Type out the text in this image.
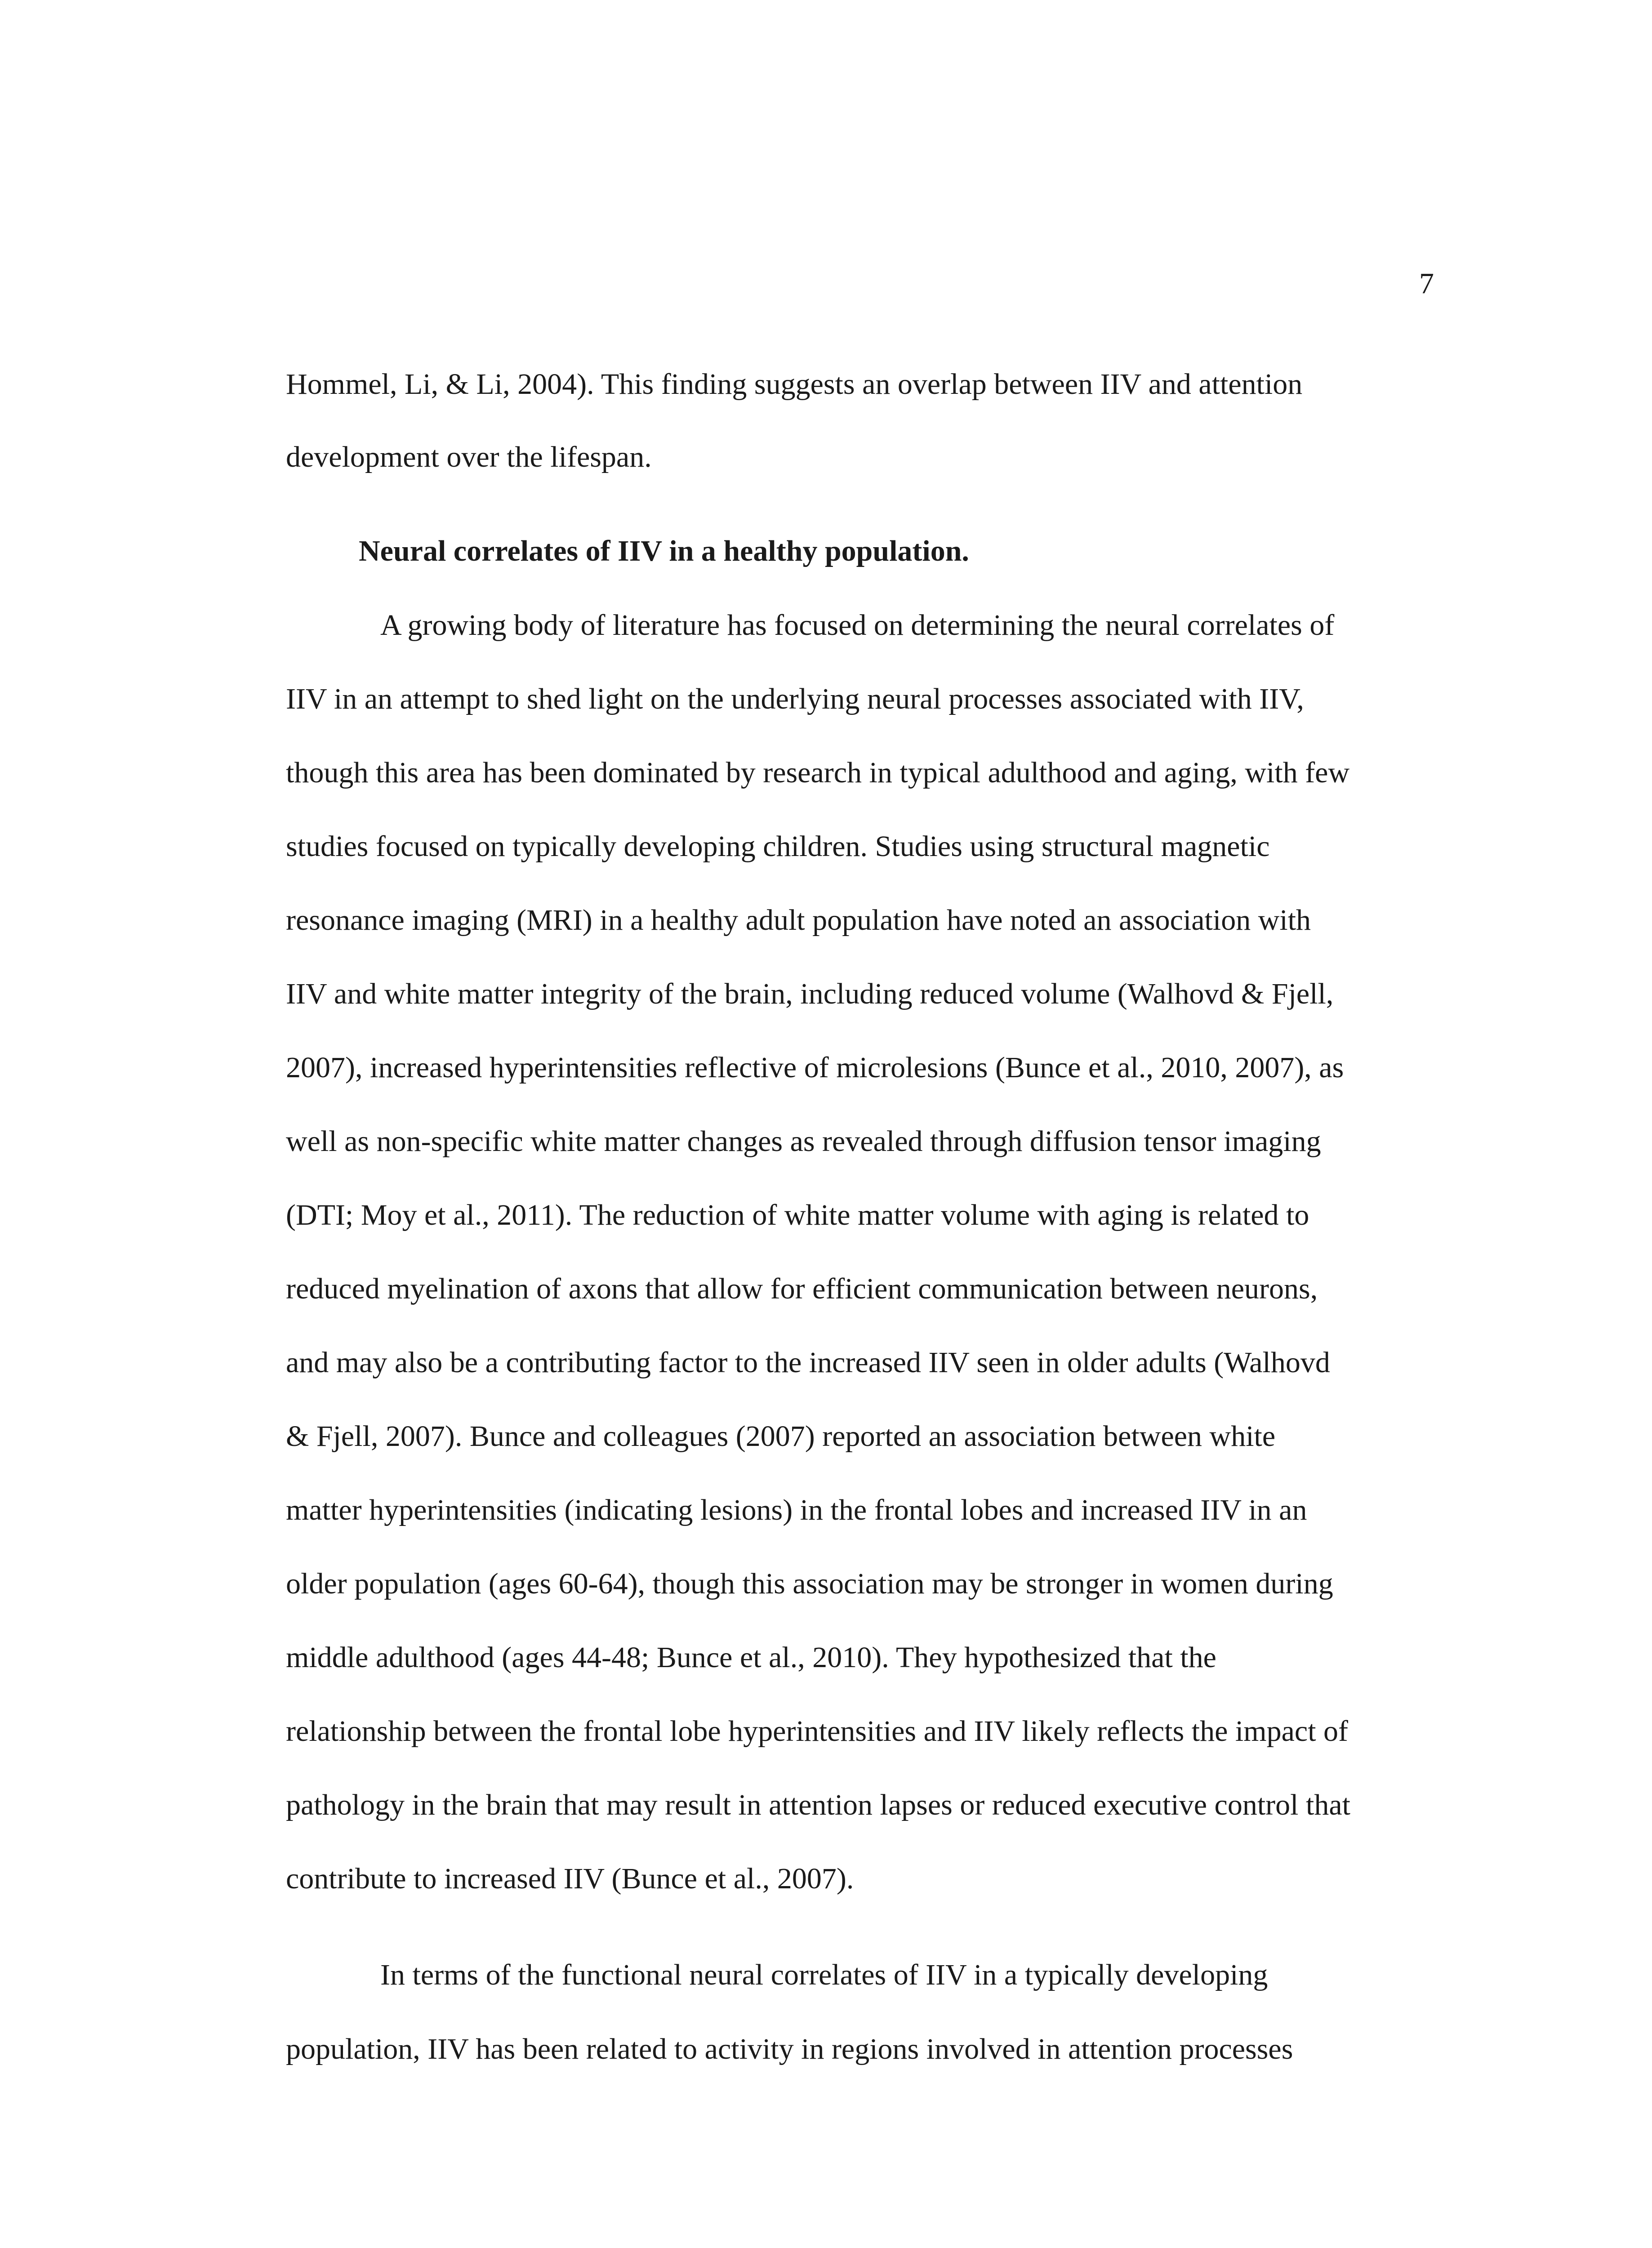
7
Hommel, Li, & Li, 2004). This finding suggests an overlap between IIV and attention
development over the lifespan.
Neural correlates of IIV in a healthy population.
A growing body of literature has focused on determining the neural correlates of
IIV in an attempt to shed light on the underlying neural processes associated with IIV,
though this area has been dominated by research in typical adulthood and aging, with few
studies focused on typically developing children. Studies using structural magnetic
resonance imaging (MRI) in a healthy adult population have noted an association with
IIV and white matter integrity of the brain, including reduced volume (Walhovd & Fjell,
2007), increased hyperintensities reflective of microlesions (Bunce et al., 2010, 2007), as
well as non-specific white matter changes as revealed through diffusion tensor imaging
(DTI; Moy et al., 2011). The reduction of white matter volume with aging is related to
reduced myelination of axons that allow for efficient communication between neurons,
and may also be a contributing factor to the increased IIV seen in older adults (Walhovd
& Fjell, 2007). Bunce and colleagues (2007) reported an association between white
matter hyperintensities (indicating lesions) in the frontal lobes and increased IIV in an
older population (ages 60-64), though this association may be stronger in women during
middle adulthood (ages 44-48; Bunce et al., 2010). They hypothesized that the
relationship between the frontal lobe hyperintensities and IIV likely reflects the impact of
pathology in the brain that may result in attention lapses or reduced executive control that
contribute to increased IIV (Bunce et al., 2007).
In terms of the functional neural correlates of IIV in a typically developing
population, IIV has been related to activity in regions involved in attention processes
